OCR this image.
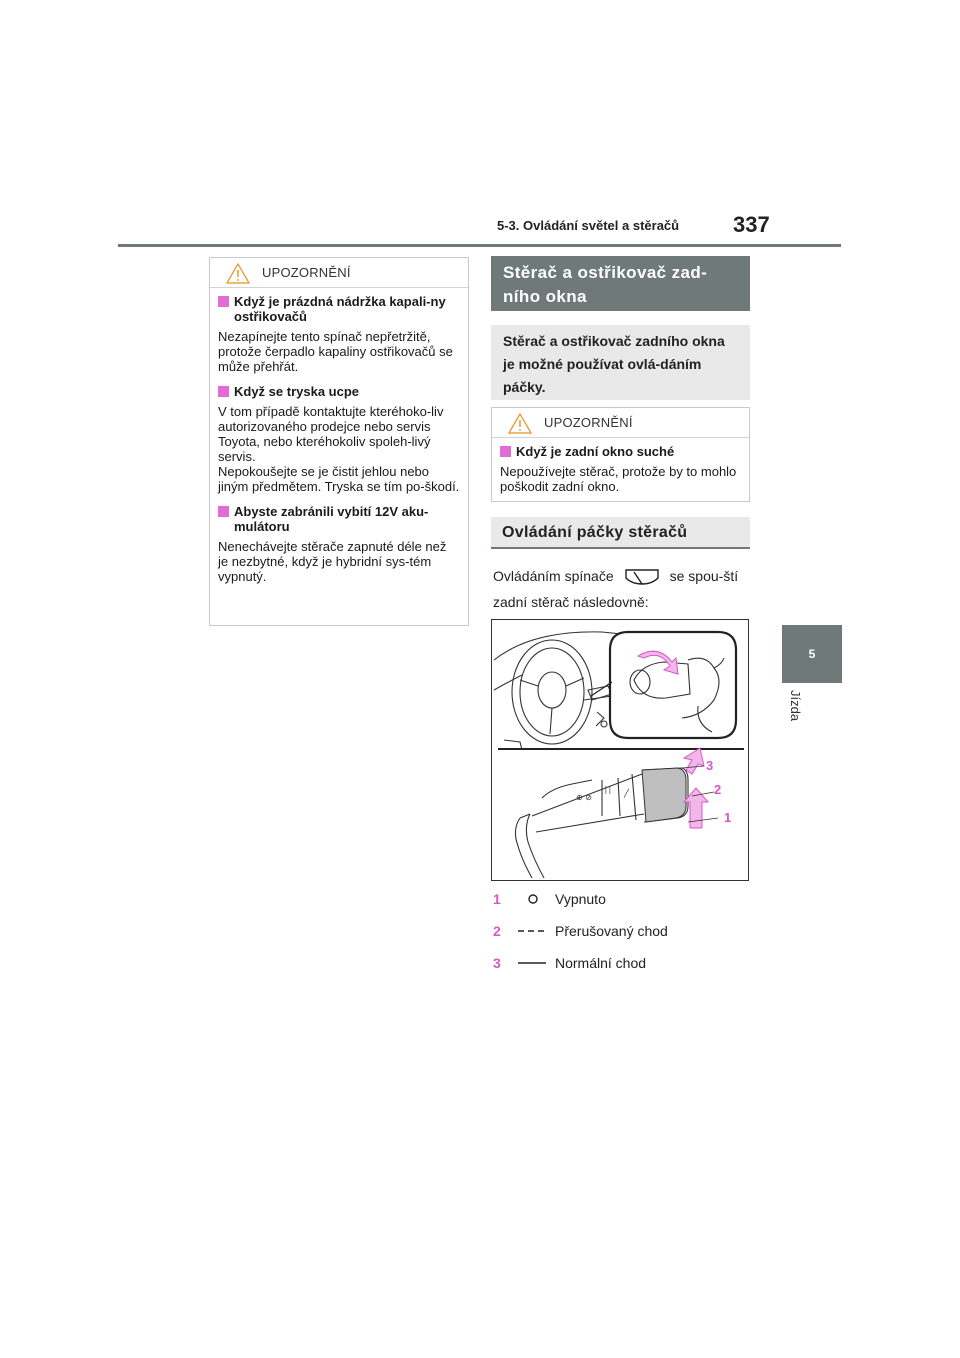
5-3. Ovládání světel a stěračů 337
5
Jízda
UPOZORNĚNÍ
Když je prázdná nádržka kapali-ny ostřikovačů
Nezapínejte tento spínač nepřetržitě, protože čerpadlo kapaliny ostřikovačů se může přehřát.
Když se tryska ucpe
V tom případě kontaktujte kteréhoko-liv autorizovaného prodejce nebo servis Toyota, nebo kteréhokoliv spoleh-livý servis.
Nepokoušejte se je čistit jehlou nebo jiným předmětem. Tryska se tím po-škodí.
Abyste zabránili vybití 12V aku-mulátoru
Nenechávejte stěrače zapnuté déle než je nezbytné, když je hybridní sys-tém vypnutý.
Stěrač a ostřikovač zad-ního okna
Stěrač a ostřikovač zadního okna je možné používat ovlá-dáním páčky.
UPOZORNĚNÍ
Když je zadní okno suché
Nepoužívejte stěrač, protože by to mohlo poškodit zadní okno.
Ovládání páčky stěračů
Ovládáním spínače	se spou-ští zadní stěrač následovně:
⊕ ⊘
∣∣ ╱
3
2
1
1	Vypnuto
2	Přerušovaný chod
3	Normální chod
